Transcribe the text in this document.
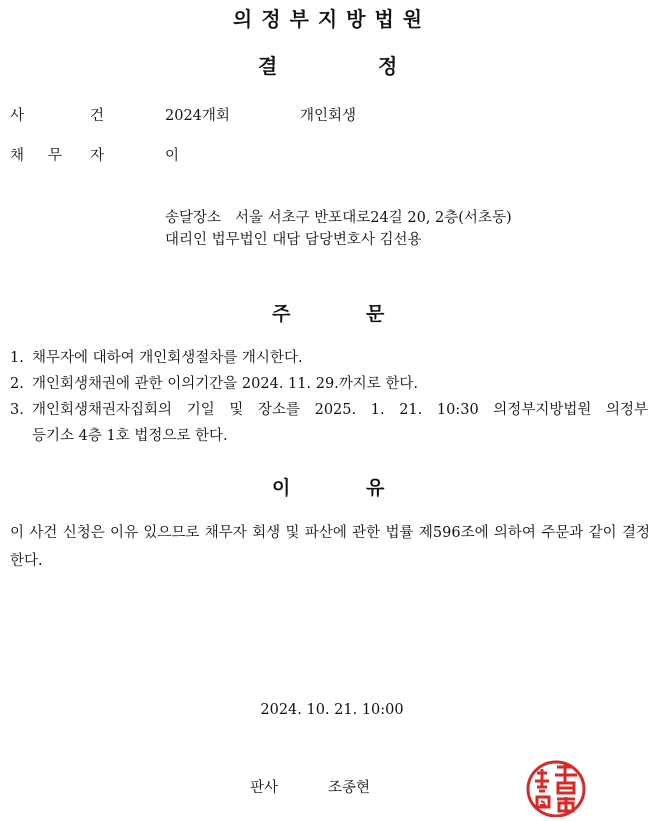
의정부지방법원
결	정
사	건	2024개회	개인회생
채 무 자	이
송달장소 서울 서초구 반포대로24길 20, 2층(서초동)
대리인 법무법인 대담 담당변호사 김선용
주	문
1. 채무자에 대하여 개인회생절차를 개시한다.
2. 개인회생채권에 관한 이의기간을 2024. 11. 29.까지로 한다.
3. 개인회생채권자집회의 기일 및 장소를 2025. 1. 21. 10:30 의정부지방법원 의정부
등기소 4층 1호 법정으로 한다.
이	유
이 사건 신청은 이유 있으므로 채무자 회생 및 파산에 관한 법률 제596조에 의하여 주문과 같이 결정한다.
2024. 10. 21. 10:00
판사	조종현
